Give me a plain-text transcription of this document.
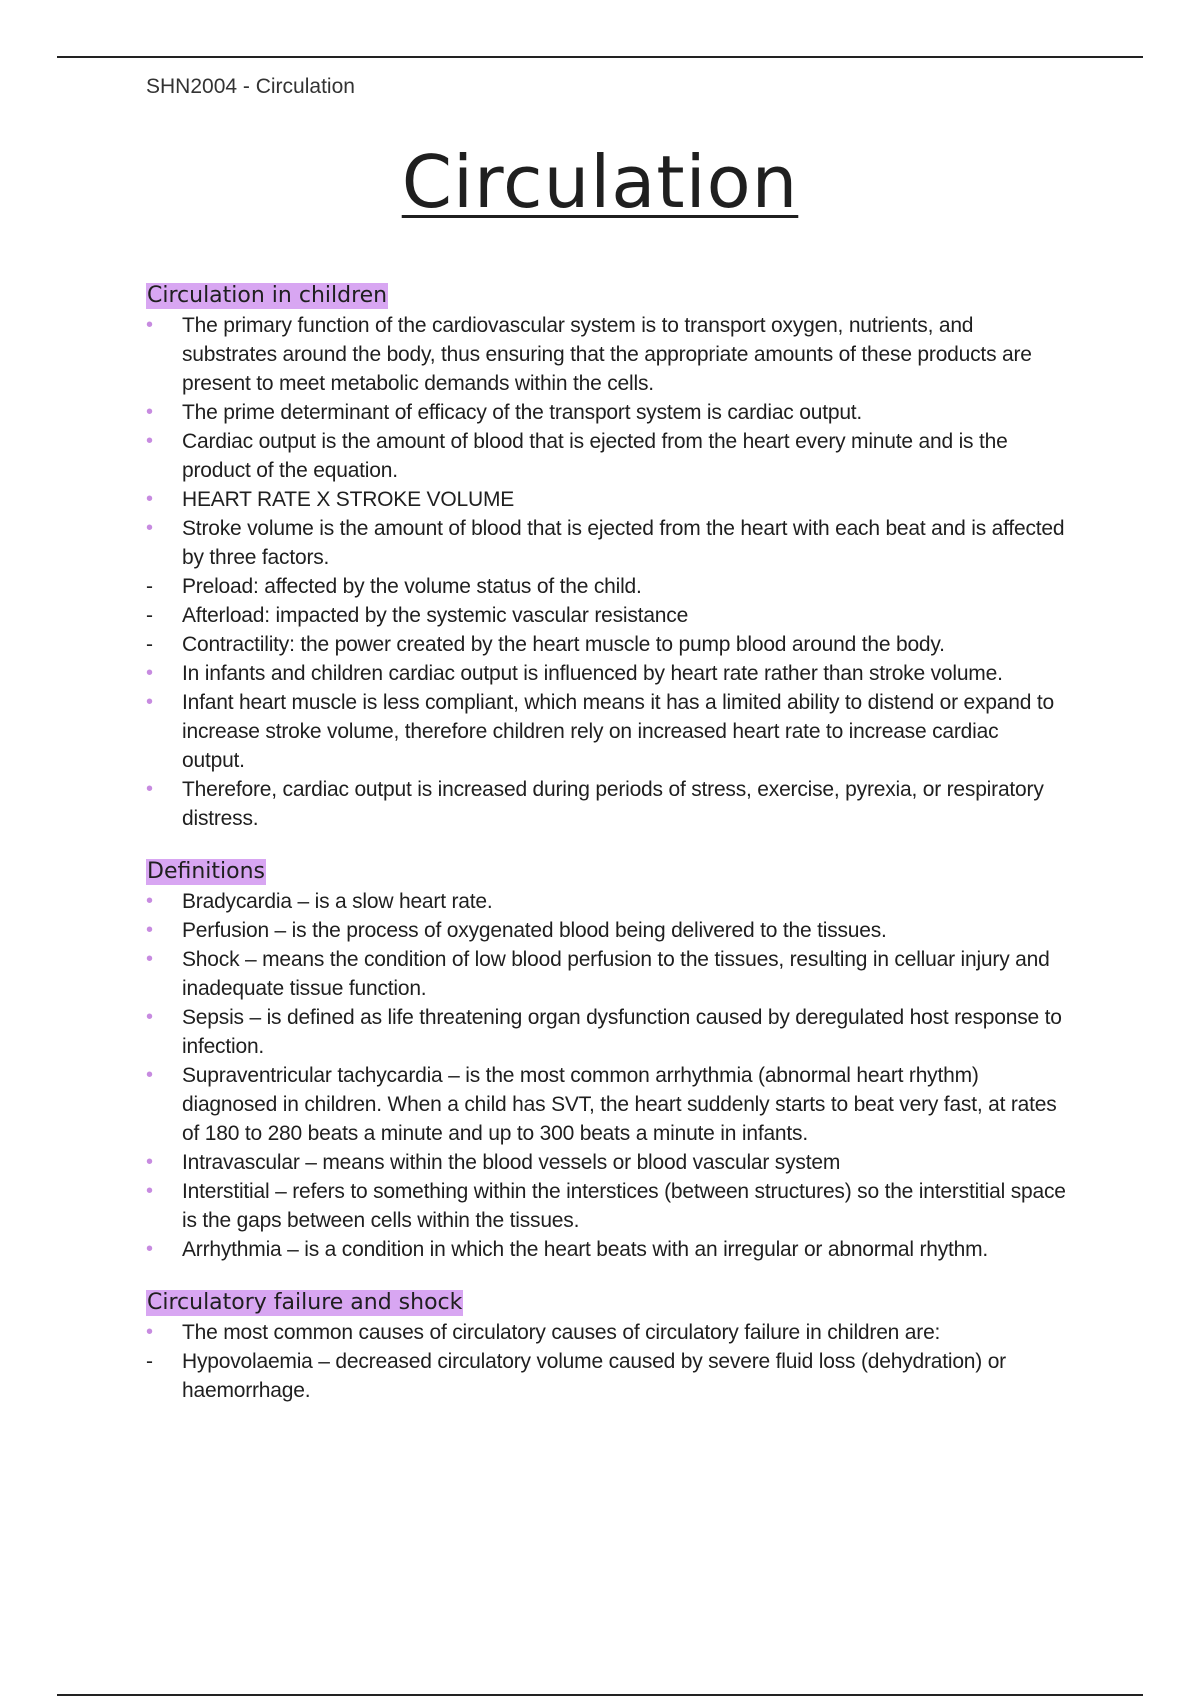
SHN2004 - Circulation
Circulation
Circulation in children
• The primary function of the cardiovascular system is to transport oxygen, nutrients, and substrates around the body, thus ensuring that the appropriate amounts of these products are present to meet metabolic demands within the cells.
• The prime determinant of efficacy of the transport system is cardiac output.
• Cardiac output is the amount of blood that is ejected from the heart every minute and is the product of the equation.
• HEART RATE X STROKE VOLUME
• Stroke volume is the amount of blood that is ejected from the heart with each beat and is affected by three factors.
- Preload: affected by the volume status of the child.
- Afterload: impacted by the systemic vascular resistance
- Contractility: the power created by the heart muscle to pump blood around the body.
• In infants and children cardiac output is influenced by heart rate rather than stroke volume.
• Infant heart muscle is less compliant, which means it has a limited ability to distend or expand to increase stroke volume, therefore children rely on increased heart rate to increase cardiac output.
• Therefore, cardiac output is increased during periods of stress, exercise, pyrexia, or respiratory distress.
Definitions
• Bradycardia – is a slow heart rate.
• Perfusion – is the process of oxygenated blood being delivered to the tissues.
• Shock – means the condition of low blood perfusion to the tissues, resulting in celluar injury and inadequate tissue function.
• Sepsis – is defined as life threatening organ dysfunction caused by deregulated host response to infection.
• Supraventricular tachycardia – is the most common arrhythmia (abnormal heart rhythm) diagnosed in children. When a child has SVT, the heart suddenly starts to beat very fast, at rates of 180 to 280 beats a minute and up to 300 beats a minute in infants.
• Intravascular – means within the blood vessels or blood vascular system
• Interstitial – refers to something within the interstices (between structures) so the interstitial space is the gaps between cells within the tissues.
• Arrhythmia – is a condition in which the heart beats with an irregular or abnormal rhythm.
Circulatory failure and shock
• The most common causes of circulatory causes of circulatory failure in children are:
- Hypovolaemia – decreased circulatory volume caused by severe fluid loss (dehydration) or haemorrhage.
